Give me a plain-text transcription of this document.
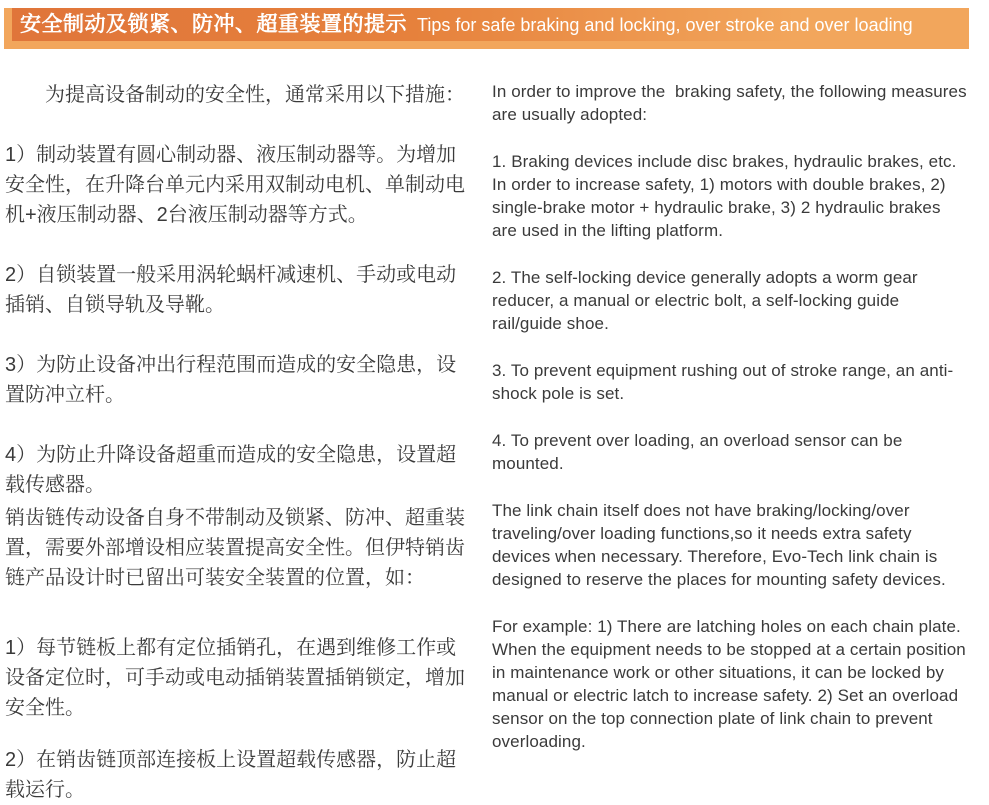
安全制动及锁紧、防冲、超重装置的提示 Tips for safe braking and locking, over stroke and over loading

为提高设备制动的安全性，通常采用以下措施：

1）制动装置有圆心制动器、液压制动器等。为增加安全性，在升降台单元内采用双制动电机、单制动电机+液压制动器、2台液压制动器等方式。

2）自锁装置一般采用涡轮蜗杆减速机、手动或电动插销、自锁导轨及导靴。

3）为防止设备冲出行程范围而造成的安全隐患，设置防冲立杆。

4）为防止升降设备超重而造成的安全隐患，设置超载传感器。

销齿链传动设备自身不带制动及锁紧、防冲、超重装置，需要外部增设相应装置提高安全性。但伊特销齿链产品设计时已留出可装安全装置的位置，如：

1）每节链板上都有定位插销孔，在遇到维修工作或设备定位时，可手动或电动插销装置插销锁定，增加安全性。

2）在销齿链顶部连接板上设置超载传感器，防止超载运行。

In order to improve the  braking safety, the following measures are usually adopted:

1. Braking devices include disc brakes, hydraulic brakes, etc. In order to increase safety, 1) motors with double brakes, 2) single-brake motor + hydraulic brake, 3) 2 hydraulic brakes are used in the lifting platform.

2. The self-locking device generally adopts a worm gear reducer, a manual or electric bolt, a self-locking guide rail/guide shoe.

3. To prevent equipment rushing out of stroke range, an anti-shock pole is set.

4. To prevent over loading, an overload sensor can be mounted.

The link chain itself does not have braking/locking/over traveling/over loading functions,so it needs extra safety devices when necessary. Therefore, Evo-Tech link chain is designed to reserve the places for mounting safety devices.

For example: 1) There are latching holes on each chain plate. When the equipment needs to be stopped at a certain position in maintenance work or other situations, it can be locked by manual or electric latch to increase safety. 2) Set an overload sensor on the top connection plate of link chain to prevent overloading.
